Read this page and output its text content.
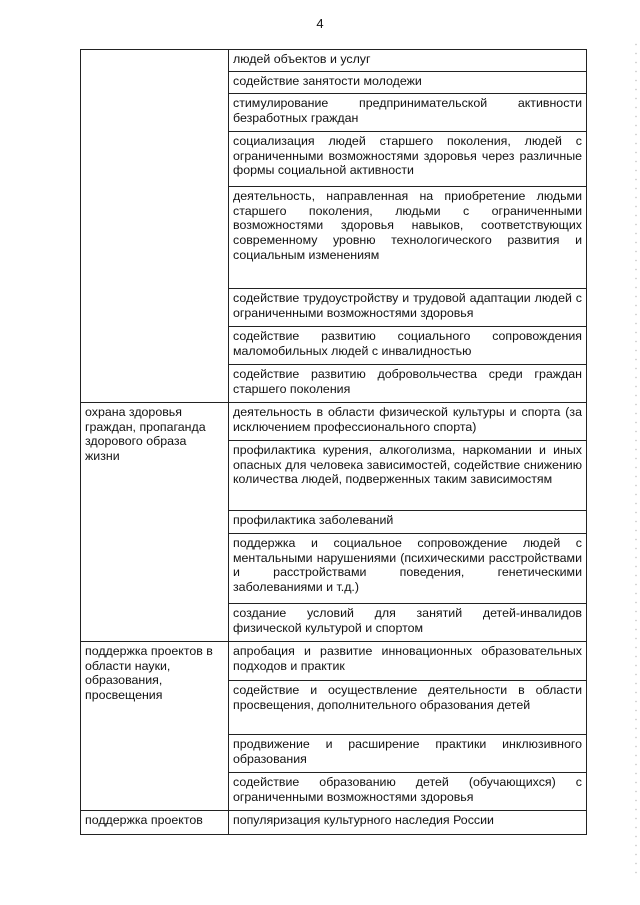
4
	людей объектов и услуг
	содействие занятости молодежи
	стимулирование предпринимательской активности безработных граждан
	социализация людей старшего поколения, людей с ограниченными возможностями здоровья через различные формы социальной активности
	деятельность, направленная на приобретение людьми старшего поколения, людьми с ограниченными возможностями здоровья навыков, соответствующих современному уровню технологического развития и социальным изменениям
	содействие трудоустройству и трудовой адаптации людей с ограниченными возможностями здоровья
	содействие развитию социального сопровождения маломобильных людей с инвалидностью
	содействие развитию добровольчества среди граждан старшего поколения
охрана здоровья граждан, пропаганда здорового образа жизни	деятельность в области физической культуры и спорта (за исключением профессионального спорта)
	профилактика курения, алкоголизма, наркомании и иных опасных для человека зависимостей, содействие снижению количества людей, подверженных таким зависимостям
	профилактика заболеваний
	поддержка и социальное сопровождение людей с ментальными нарушениями (психическими расстройствами и расстройствами поведения, генетическими заболеваниями и т.д.)
	создание условий для занятий детей-инвалидов физической культурой и спортом
поддержка проектов в области науки, образования, просвещения	апробация и развитие инновационных образовательных подходов и практик
	содействие и осуществление деятельности в области просвещения, дополнительного образования детей
	продвижение и расширение практики инклюзивного образования
	содействие образованию детей (обучающихся) с ограниченными возможностями здоровья
поддержка проектов	популяризация культурного наследия России
